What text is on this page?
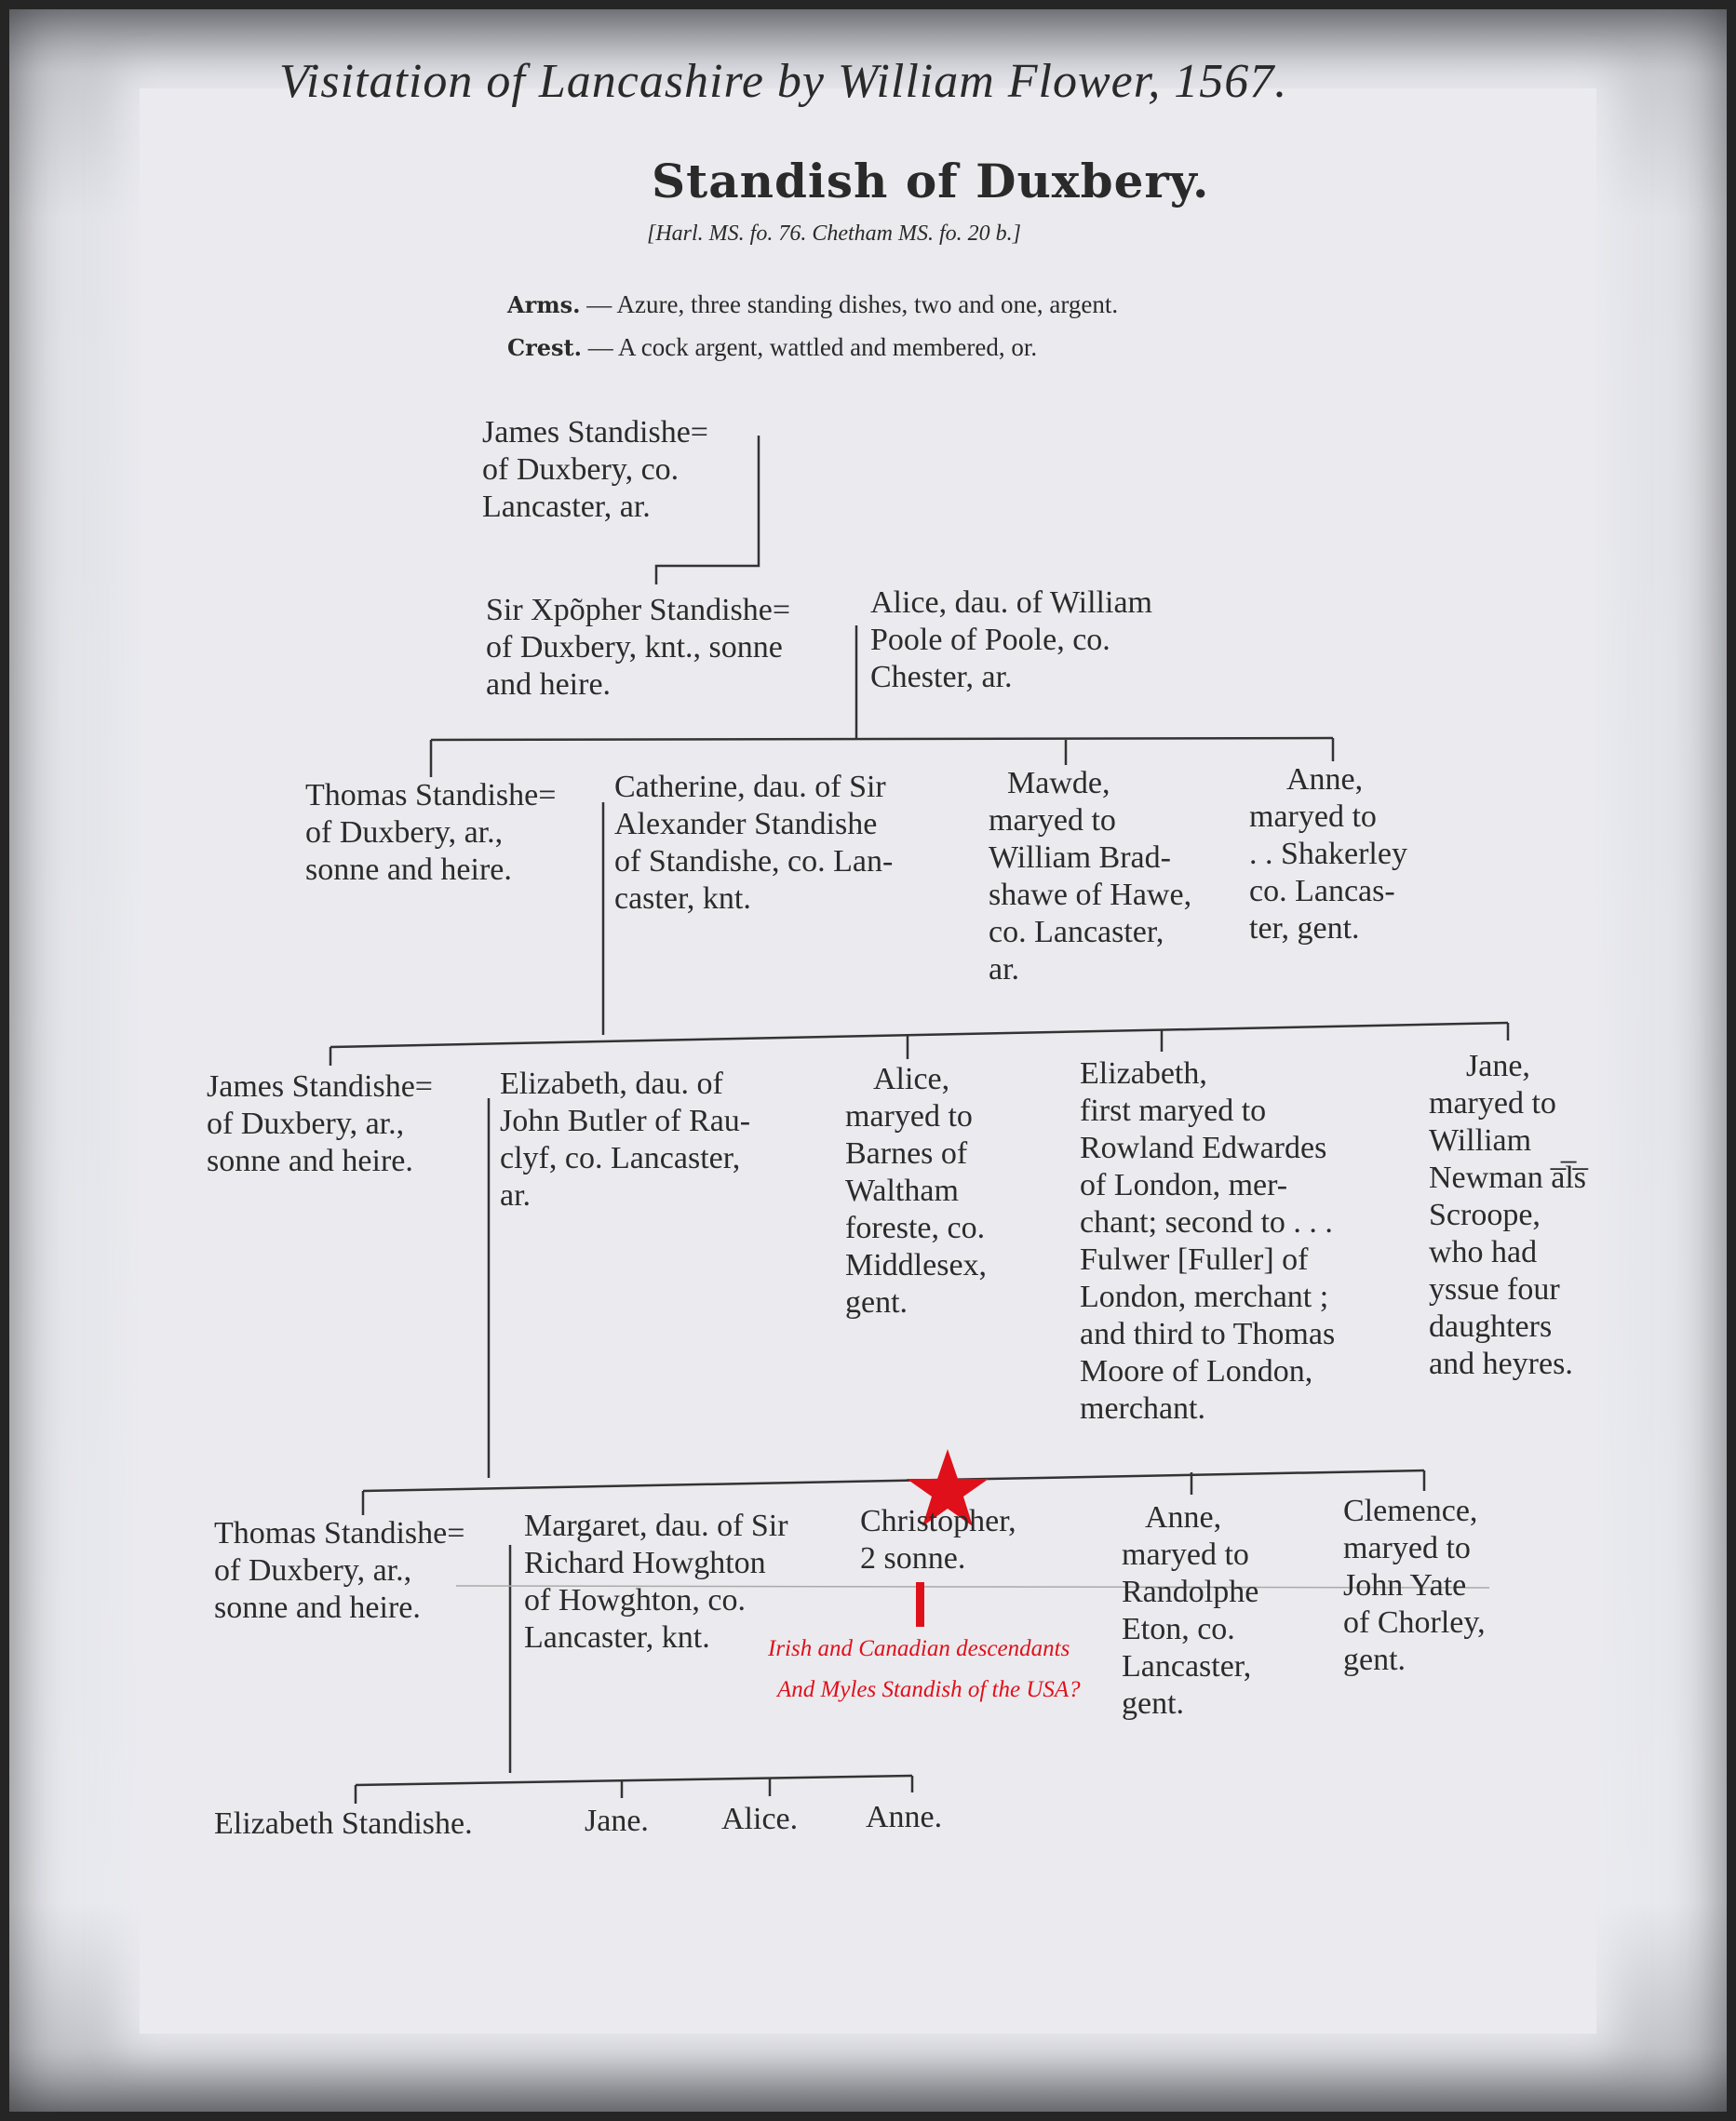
Visitation of Lancashire by William Flower, 1567.
Standish of Duxbery.
[Harl. MS. fo. 76. Chetham MS. fo. 20 b.]
Arms. — Azure, three standing dishes, two and one, argent.
Crest. — A cock argent, wattled and membered, or.
James Standishe=
of Duxbery, co.
Lancaster, ar.
Sir Xpõpher Standishe=
of Duxbery, knt., sonne
and heire.
Alice, dau. of William
Poole of Poole, co.
Chester, ar.
Thomas Standishe=
of Duxbery, ar.,
sonne and heire.
Catherine, dau. of Sir
Alexander Standishe
of Standishe, co. Lan-
caster, knt.
Mawde,
maryed to
William Brad-
shawe of Hawe,
co. Lancaster,
ar.
Anne,
maryed to
. . Shakerley
co. Lancas-
ter, gent.
James Standishe=
of Duxbery, ar.,
sonne and heire.
Elizabeth, dau. of
John Butler of Rau-
clyf, co. Lancaster,
ar.
Alice,
maryed to
Barnes of
Waltham
foreste, co.
Middlesex,
gent.
Elizabeth,
first maryed to
Rowland Edwardes
of London, mer-
chant; second to . . .
Fulwer [Fuller] of
London, merchant ;
and third to Thomas
Moore of London,
merchant.
Jane,
maryed to
William
Newman a̅l̅s̅
Scroope,
who had
yssue four
daughters
and heyres.
Thomas Standishe=
of Duxbery, ar.,
sonne and heire.
Margaret, dau. of Sir
Richard Howghton
of Howghton, co.
Lancaster, knt.
Christopher,
2 sonne.
Anne,
maryed to
Randolphe
Eton, co.
Lancaster,
gent.
Clemence,
maryed to
John Yate
of Chorley,
gent.
Irish and Canadian descendants
And Myles Standish of the USA?
Elizabeth Standishe.	Jane. Alice. Anne.
